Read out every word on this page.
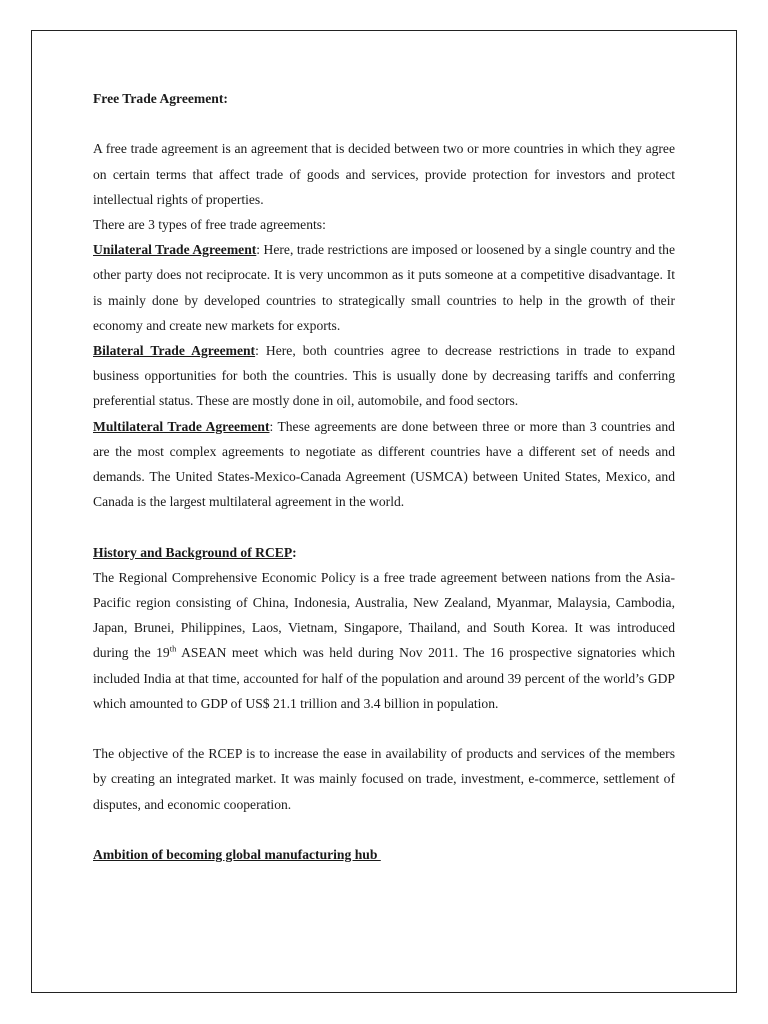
Free Trade Agreement:

A free trade agreement is an agreement that is decided between two or more countries in which they agree on certain terms that affect trade of goods and services, provide protection for investors and protect intellectual rights of properties.

There are 3 types of free trade agreements:

Unilateral Trade Agreement: Here, trade restrictions are imposed or loosened by a single country and the other party does not reciprocate. It is very uncommon as it puts someone at a competitive disadvantage. It is mainly done by developed countries to strategically small countries to help in the growth of their economy and create new markets for exports.

Bilateral Trade Agreement: Here, both countries agree to decrease restrictions in trade to expand business opportunities for both the countries. This is usually done by decreasing tariffs and conferring preferential status. These are mostly done in oil, automobile, and food sectors.

Multilateral Trade Agreement: These agreements are done between three or more than 3 countries and are the most complex agreements to negotiate as different countries have a different set of needs and demands. The United States-Mexico-Canada Agreement (USMCA) between United States, Mexico, and Canada is the largest multilateral agreement in the world.

History and Background of RCEP:

The Regional Comprehensive Economic Policy is a free trade agreement between nations from the Asia-Pacific region consisting of China, Indonesia, Australia, New Zealand, Myanmar, Malaysia, Cambodia, Japan, Brunei, Philippines, Laos, Vietnam, Singapore, Thailand, and South Korea. It was introduced during the 19th ASEAN meet which was held during Nov 2011. The 16 prospective signatories which included India at that time, accounted for half of the population and around 39 percent of the world’s GDP which amounted to GDP of US$ 21.1 trillion and 3.4 billion in population.

The objective of the RCEP is to increase the ease in availability of products and services of the members by creating an integrated market. It was mainly focused on trade, investment, e-commerce, settlement of disputes, and economic cooperation.

Ambition of becoming global manufacturing hub
